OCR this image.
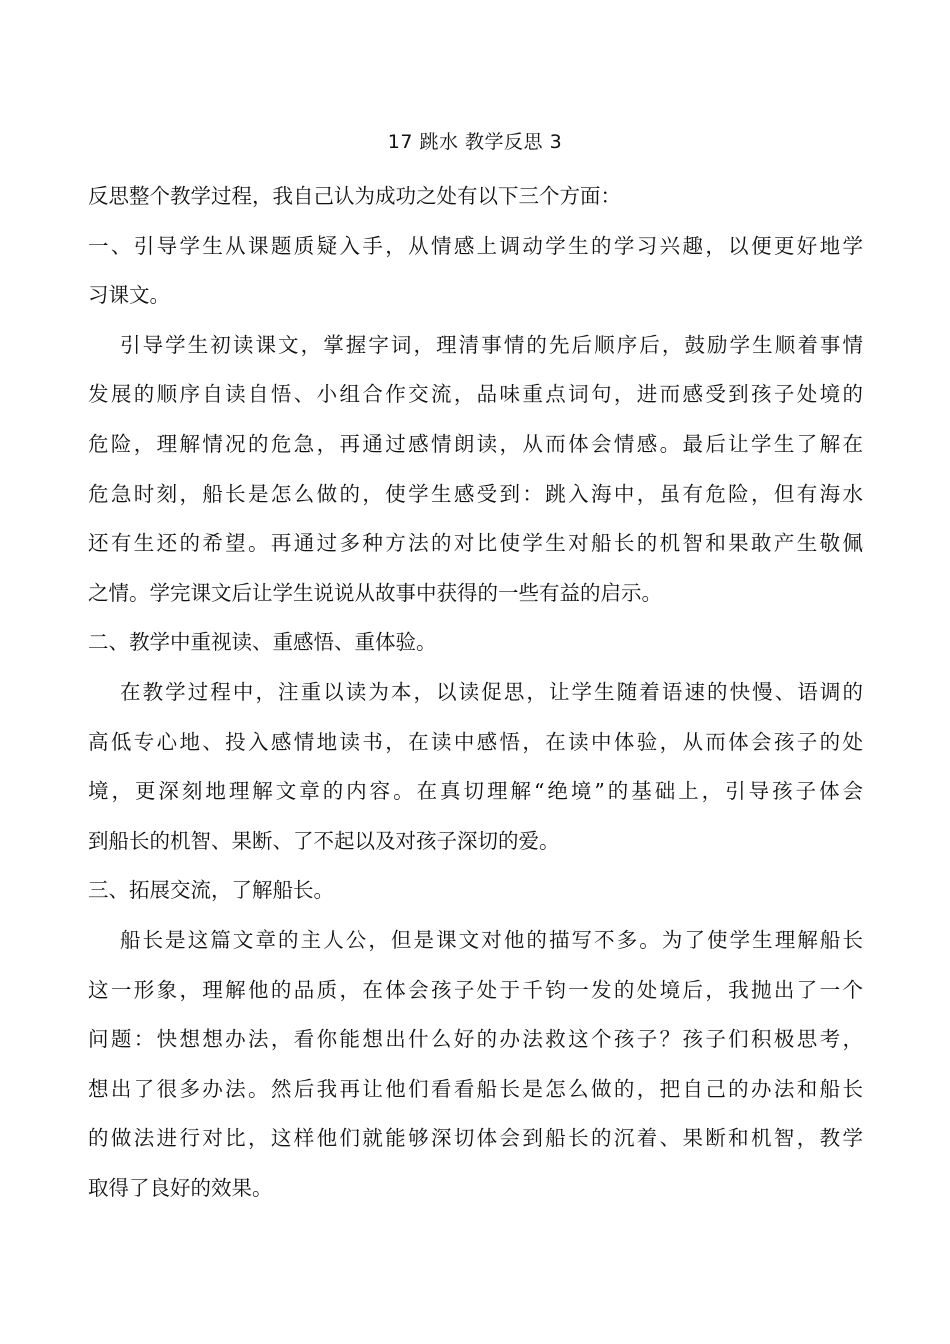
17 跳水 教学反思 3
反思整个教学过程，我自己认为成功之处有以下三个方面：
一、引导学生从课题质疑入手，从情感上调动学生的学习兴趣，以便更好地学
习课文。
引导学生初读课文，掌握字词，理清事情的先后顺序后，鼓励学生顺着事情
发展的顺序自读自悟、小组合作交流，品味重点词句，进而感受到孩子处境的
危险，理解情况的危急，再通过感情朗读，从而体会情感。最后让学生了解在
危急时刻，船长是怎么做的，使学生感受到：跳入海中，虽有危险，但有海水
还有生还的希望。再通过多种方法的对比使学生对船长的机智和果敢产生敬佩
之情。学完课文后让学生说说从故事中获得的一些有益的启示。
二、教学中重视读、重感悟、重体验。
在教学过程中，注重以读为本，以读促思，让学生随着语速的快慢、语调的
高低专心地、投入感情地读书，在读中感悟，在读中体验，从而体会孩子的处
境，更深刻地理解文章的内容。在真切理解“绝境”的基础上，引导孩子体会
到船长的机智、果断、了不起以及对孩子深切的爱。
三、拓展交流，了解船长。
船长是这篇文章的主人公，但是课文对他的描写不多。为了使学生理解船长
这一形象，理解他的品质，在体会孩子处于千钧一发的处境后，我抛出了一个
问题：快想想办法，看你能想出什么好的办法救这个孩子？孩子们积极思考，
想出了很多办法。然后我再让他们看看船长是怎么做的，把自己的办法和船长
的做法进行对比，这样他们就能够深切体会到船长的沉着、果断和机智，教学
取得了良好的效果。
